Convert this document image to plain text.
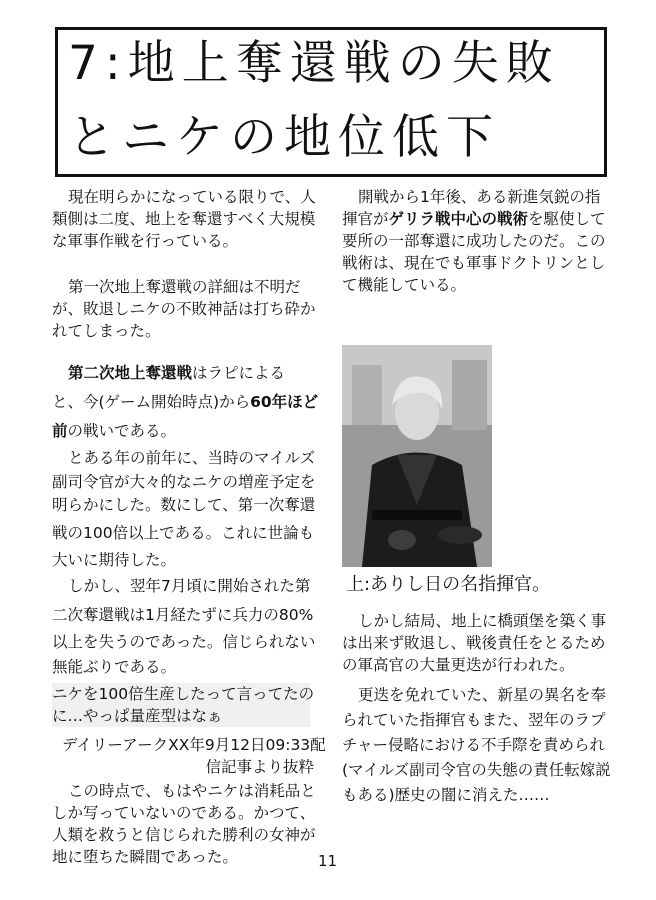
7:地上奪還戦の失敗
とニケの地位低下

現在明らかになっている限りで、人

類側は二度、地上を奪還すべく大規模

な軍事作戦を行っている。

第一次地上奪還戦の詳細は不明だ

が、敗退しニケの不敗神話は打ち砕か

れてしまった。

第二次地上奪還戦はラピによる

と、今(ゲーム開始時点)から60年ほど

前の戦いである。

とある年の前年に、当時のマイルズ

副司令官が大々的なニケの増産予定を

明らかにした。数にして、第一次奪還

戦の100倍以上である。これに世論も

大いに期待した。

しかし、翌年7月頃に開始された第

二次奪還戦は1月経たずに兵力の80%

以上を失うのであった。信じられない

無能ぶりである。

ニケを100倍生産したって言ってたの

に…やっぱ量産型はなぁ

デイリーアークXX年9月12日09:33配

信記事より抜粋

この時点で、もはやニケは消耗品と

しか写っていないのである。かつて、

人類を救うと信じられた勝利の女神が

地に堕ちた瞬間であった。

開戦から1年後、ある新進気鋭の指

揮官がゲリラ戦中心の戦術を駆使して

要所の一部奪還に成功したのだ。この

戦術は、現在でも軍事ドクトリンとし

て機能している。

上:ありし日の名指揮官。

しかし結局、地上に橋頭堡を築く事

は出来ず敗退し、戦後責任をとるため

の軍高官の大量更迭が行われた。

更迭を免れていた、新星の異名を奉

られていた指揮官もまた、翌年のラプ

チャー侵略における不手際を責められ

(マイルズ副司令官の失態の責任転嫁説

もある)歴史の闇に消えた……

11
